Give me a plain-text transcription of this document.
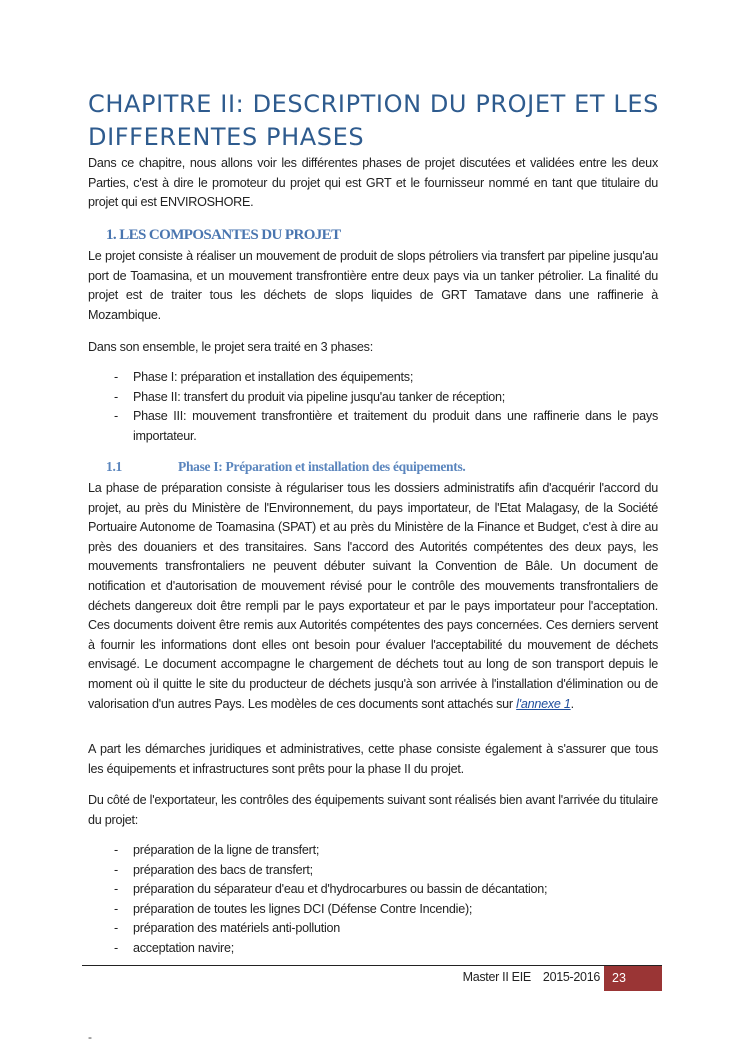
CHAPITRE II: DESCRIPTION DU PROJET ET LES DIFFERENTES PHASES

Dans ce chapitre, nous allons voir les différentes phases de projet discutées et validées entre les deux Parties, c'est à dire le promoteur du projet qui est GRT et le fournisseur nommé en tant que titulaire du projet qui est ENVIROSHORE.

1. LES COMPOSANTES DU PROJET

Le projet consiste à réaliser un mouvement de produit de slops pétroliers via transfert par pipeline jusqu'au port de Toamasina, et un mouvement transfrontière entre deux pays via un tanker pétrolier. La finalité du projet est de traiter tous les déchets de slops liquides de GRT Tamatave dans une raffinerie à Mozambique.

Dans son ensemble, le projet sera traité en 3 phases:

- Phase I: préparation et installation des équipements;
- Phase II: transfert du produit via pipeline jusqu'au tanker de réception;
- Phase III: mouvement transfrontière et traitement du produit dans une raffinerie dans le pays importateur.
1.1	Phase I: Préparation et installation des équipements.

La phase de préparation consiste à régulariser tous les dossiers administratifs afin d'acquérir l'accord du projet, au près du Ministère de l'Environnement, du pays importateur, de l'Etat Malagasy, de la Société Portuaire Autonome de Toamasina (SPAT) et au près du Ministère de la Finance et Budget, c'est à dire au près des douaniers et des transitaires. Sans l'accord des Autorités compétentes des deux pays, les mouvements transfrontaliers ne peuvent débuter suivant la Convention de Bâle. Un document de notification et d'autorisation de mouvement révisé pour le contrôle des mouvements transfrontaliers de déchets dangereux doit être rempli par le pays exportateur et par le pays importateur pour l'acceptation. Ces documents doivent être remis aux Autorités compétentes des pays concernées. Ces derniers servent à fournir les informations dont elles ont besoin pour évaluer l'acceptabilité du mouvement de déchets envisagé. Le document accompagne le chargement de déchets tout au long de son transport depuis le moment où il quitte le site du producteur de déchets jusqu'à son arrivée à l'installation d'élimination ou de valorisation d'un autres Pays. Les modèles de ces documents sont attachés sur l'annexe 1.

A part les démarches juridiques et administratives, cette phase consiste également à s'assurer que tous les équipements et infrastructures sont prêts pour la phase II du projet.

Du côté de l'exportateur, les contrôles des équipements suivant sont réalisés bien avant l'arrivée du titulaire du projet:

- préparation de la ligne de transfert;
- préparation des bacs de transfert;
- préparation du séparateur d'eau et d'hydrocarbures ou bassin de décantation;
- préparation de toutes les lignes DCI (Défense Contre Incendie);
- préparation des matériels anti-pollution
- acceptation navire;
Master II EIE 2015-2016 23
-
